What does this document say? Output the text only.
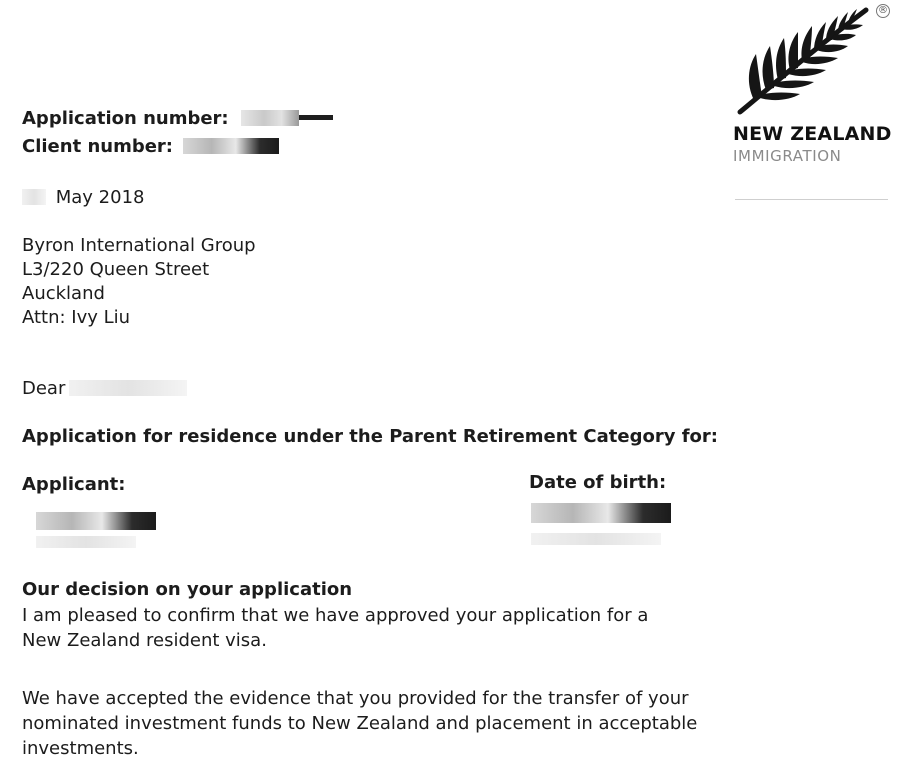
®
NEW ZEALAND
IMMIGRATION
Application number:
Client number:
May 2018
Byron International Group
L3/220 Queen Street
Auckland
Attn: Ivy Liu
Dear
Application for residence under the Parent Retirement Category for:
Applicant:	Date of birth:
Our decision on your application
I am pleased to confirm that we have approved your application for a
New Zealand resident visa.
We have accepted the evidence that you provided for the transfer of your
nominated investment funds to New Zealand and placement in acceptable
investments.
